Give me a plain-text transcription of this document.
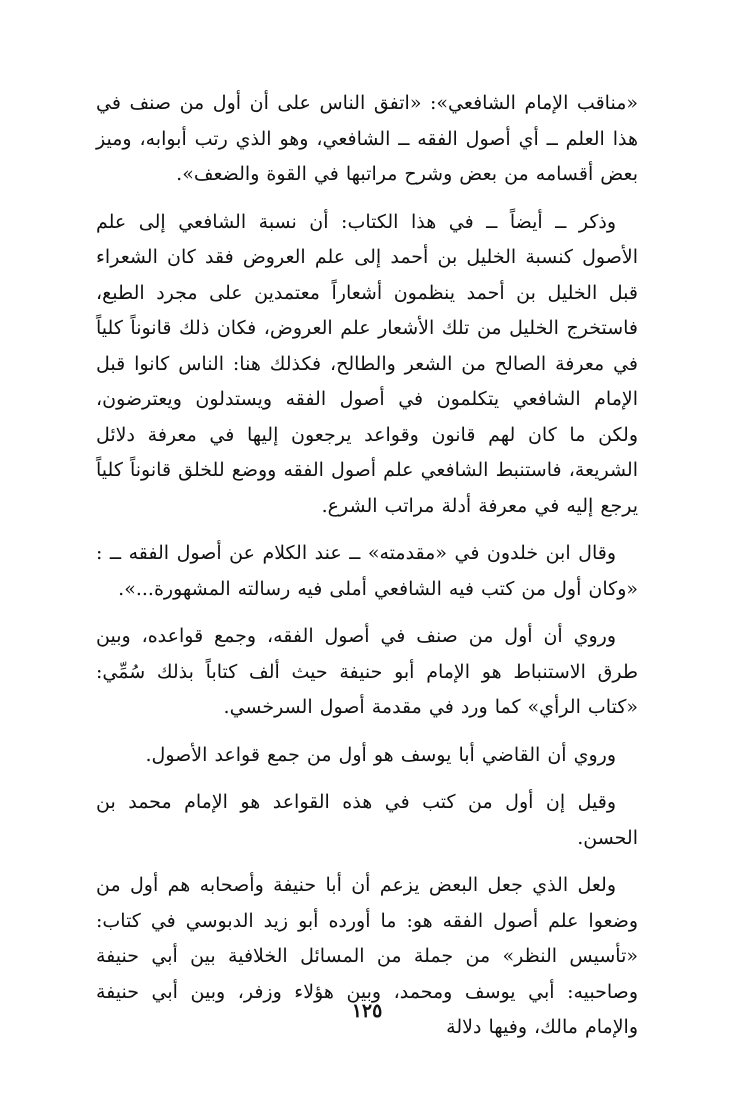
«مناقب الإمام الشافعي»: «اتفق الناس على أن أول من صنف في هذا العلم ــ أي أصول الفقه ــ الشافعي، وهو الذي رتب أبوابه، وميز بعض أقسامه من بعض وشرح مراتبها في القوة والضعف».

وذكر ــ أيضاً ــ في هذا الكتاب: أن نسبة الشافعي إلى علم الأصول كنسبة الخليل بن أحمد إلى علم العروض فقد كان الشعراء قبل الخليل بن أحمد ينظمون أشعاراً معتمدين على مجرد الطبع، فاستخرج الخليل من تلك الأشعار علم العروض، فكان ذلك قانوناً كلياً في معرفة الصالح من الشعر والطالح، فكذلك هنا: الناس كانوا قبل الإمام الشافعي يتكلمون في أصول الفقه ويستدلون ويعترضون، ولكن ما كان لهم قانون وقواعد يرجعون إليها في معرفة دلائل الشريعة، فاستنبط الشافعي علم أصول الفقه ووضع للخلق قانوناً كلياً يرجع إليه في معرفة أدلة مراتب الشرع.

وقال ابن خلدون في «مقدمته» ــ عند الكلام عن أصول الفقه ــ : «وكان أول من كتب فيه الشافعي أملى فيه رسالته المشهورة...».

وروي أن أول من صنف في أصول الفقه، وجمع قواعده، وبين طرق الاستنباط هو الإمام أبو حنيفة حيث ألف كتاباً بذلك سُمِّي: «كتاب الرأي» كما ورد في مقدمة أصول السرخسي.

وروي أن القاضي أبا يوسف هو أول من جمع قواعد الأصول.

وقيل إن أول من كتب في هذه القواعد هو الإمام محمد بن الحسن.

ولعل الذي جعل البعض يزعم أن أبا حنيفة وأصحابه هم أول من وضعوا علم أصول الفقه هو: ما أورده أبو زيد الدبوسي في كتاب: «تأسيس النظر» من جملة من المسائل الخلافية بين أبي حنيفة وصاحبيه: أبي يوسف ومحمد، وبين هؤلاء وزفر، وبين أبي حنيفة والإمام مالك، وفيها دلالة

١٢٥
